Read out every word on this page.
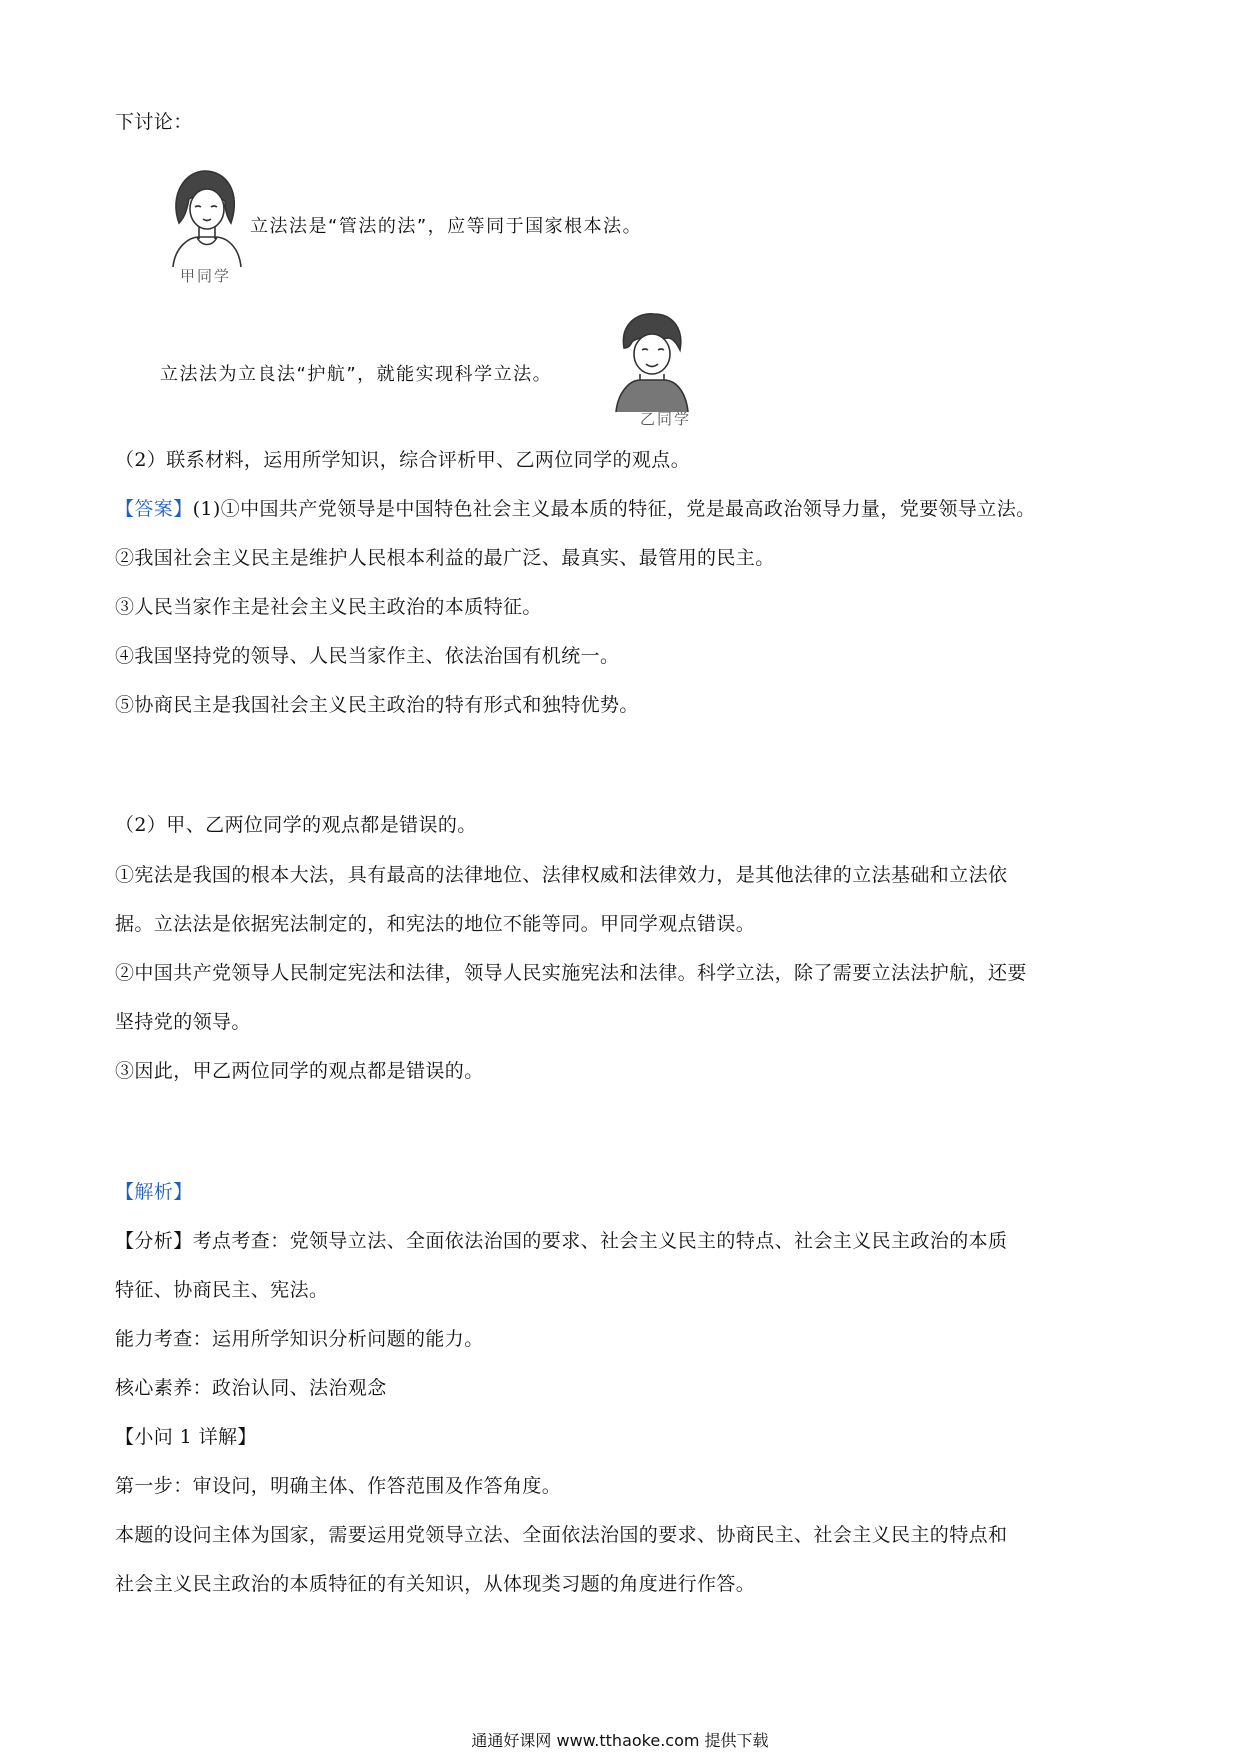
下讨论：
立法法是“管法的法”，应等同于国家根本法。
甲同学
立法法为立良法“护航”，就能实现科学立法。
乙同学
（2）联系材料，运用所学知识，综合评析甲、乙两位同学的观点。
【答案】(1)①中国共产党领导是中国特色社会主义最本质的特征，党是最高政治领导力量，党要领导立法。
②我国社会主义民主是维护人民根本利益的最广泛、最真实、最管用的民主。
③人民当家作主是社会主义民主政治的本质特征。
④我国坚持党的领导、人民当家作主、依法治国有机统一。
⑤协商民主是我国社会主义民主政治的特有形式和独特优势。
（2）甲、乙两位同学的观点都是错误的。
①宪法是我国的根本大法，具有最高的法律地位、法律权威和法律效力，是其他法律的立法基础和立法依
据。立法法是依据宪法制定的，和宪法的地位不能等同。甲同学观点错误。
②中国共产党领导人民制定宪法和法律，领导人民实施宪法和法律。科学立法，除了需要立法法护航，还要
坚持党的领导。
③因此，甲乙两位同学的观点都是错误的。
【解析】
【分析】考点考查：党领导立法、全面依法治国的要求、社会主义民主的特点、社会主义民主政治的本质
特征、协商民主、宪法。
能力考查：运用所学知识分析问题的能力。
核心素养：政治认同、法治观念
【小问 1 详解】
第一步：审设问，明确主体、作答范围及作答角度。
本题的设问主体为国家，需要运用党领导立法、全面依法治国的要求、协商民主、社会主义民主的特点和
社会主义民主政治的本质特征的有关知识，从体现类习题的角度进行作答。
通通好课网 www.tthaoke.com 提供下载
